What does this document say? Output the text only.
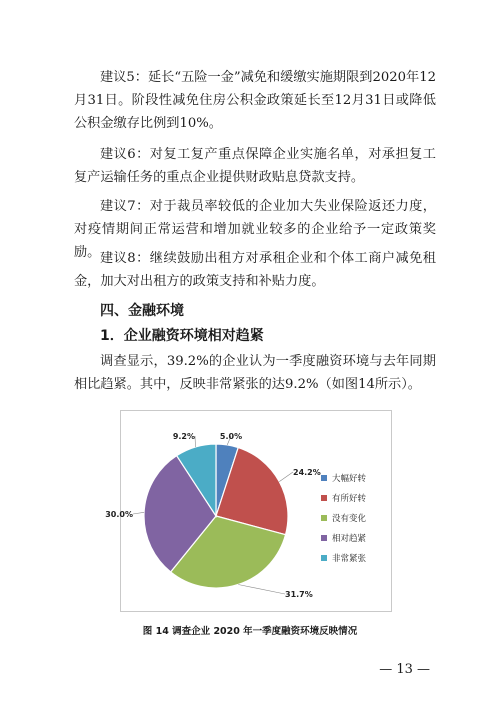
建议5：延长“五险一金”减免和缓缴实施期限到2020年12月31日。阶段性减免住房公积金政策延长至12月31日或降低公积金缴存比例到10%。

建议6：对复工复产重点保障企业实施名单，对承担复工复产运输任务的重点企业提供财政贴息贷款支持。

建议7：对于裁员率较低的企业加大失业保险返还力度，对疫情期间正常运营和增加就业较多的企业给予一定政策奖励。 建议8：继续鼓励出租方对承租企业和个体工商户减免租金，加大对出租方的政策支持和补贴力度。

四、金融环境
1．企业融资环境相对趋紧

调查显示，39.2%的企业认为一季度融资环境与去年同期相比趋紧。其中，反映非常紧张的达9.2%（如图14所示）。

5.0%
24.2%
31.7%
30.0%
9.2%
大幅好转
有所好转
没有变化
相对趋紧
非常紧张
图 14 调查企业 2020 年一季度融资环境反映情况
— 13 —
